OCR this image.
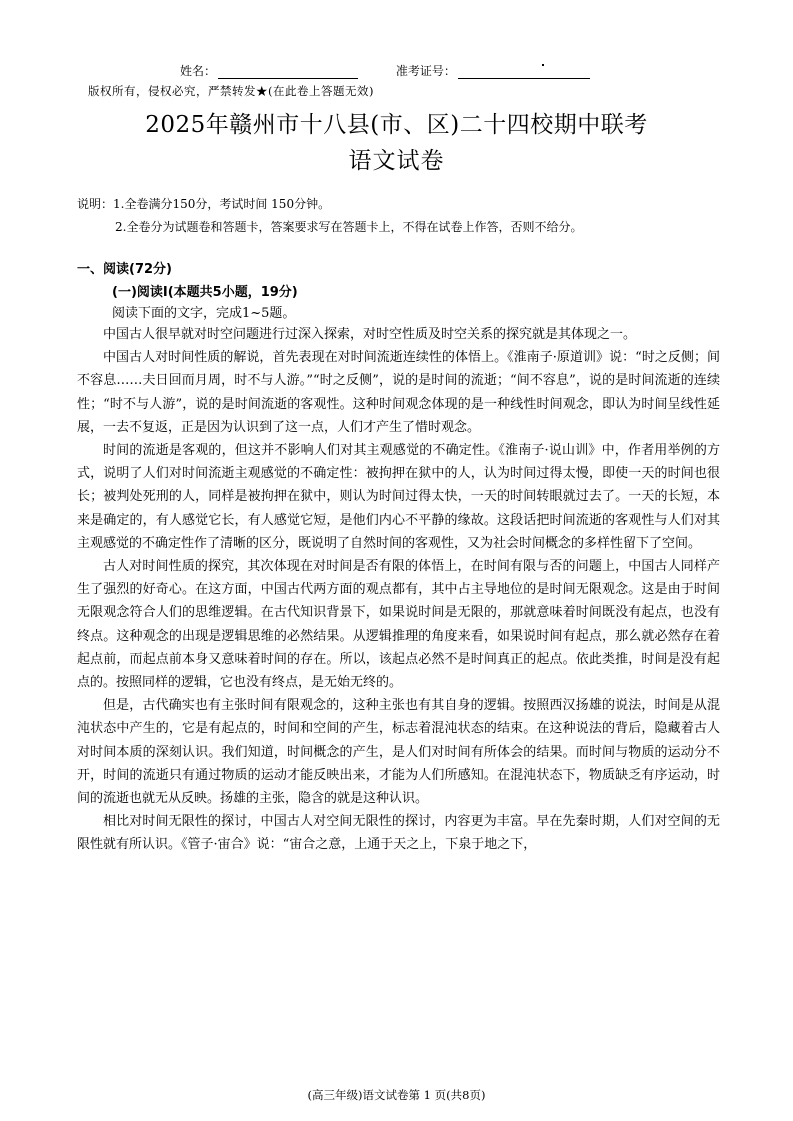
姓名：	准考证号：
版权所有，侵权必究，严禁转发★(在此卷上答题无效)
2025年赣州市十八县(市、区)二十四校期中联考
语文试卷
说明：1.全卷满分150分，考试时间 150分钟。
2.全卷分为试题卷和答题卡，答案要求写在答题卡上，不得在试卷上作答，否则不给分。
一、阅读(72分)
(一)阅读Ⅰ(本题共5小题，19分)
阅读下面的文字，完成1~5题。

中国古人很早就对时空问题进行过深入探索，对时空性质及时空关系的探究就是其体现之一。

中国古人对时间性质的解说，首先表现在对时间流逝连续性的体悟上。《淮南子·原道训》说：“时之反侧；间不容息……夫日回而月周，时不与人游。”“时之反侧”，说的是时间的流逝；“间不容息”，说的是时间流逝的连续性；“时不与人游”，说的是时间流逝的客观性。这种时间观念体现的是一种线性时间观念，即认为时间呈线性延展，一去不复返，正是因为认识到了这一点，人们才产生了惜时观念。

时间的流逝是客观的，但这并不影响人们对其主观感觉的不确定性。《淮南子·说山训》中，作者用举例的方式，说明了人们对时间流逝主观感觉的不确定性：被拘押在狱中的人，认为时间过得太慢，即使一天的时间也很长；被判处死刑的人，同样是被拘押在狱中，则认为时间过得太快，一天的时间转眼就过去了。一天的长短，本来是确定的，有人感觉它长，有人感觉它短，是他们内心不平静的缘故。这段话把时间流逝的客观性与人们对其主观感觉的不确定性作了清晰的区分，既说明了自然时间的客观性，又为社会时间概念的多样性留下了空间。

古人对时间性质的探究，其次体现在对时间是否有限的体悟上，在时间有限与否的问题上，中国古人同样产生了强烈的好奇心。在这方面，中国古代两方面的观点都有，其中占主导地位的是时间无限观念。这是由于时间无限观念符合人们的思维逻辑。在古代知识背景下，如果说时间是无限的，那就意味着时间既没有起点，也没有终点。这种观念的出现是逻辑思维的必然结果。从逻辑推理的角度来看，如果说时间有起点，那么就必然存在着起点前，而起点前本身又意味着时间的存在。所以，该起点必然不是时间真正的起点。依此类推，时间是没有起点的。按照同样的逻辑，它也没有终点，是无始无终的。

但是，古代确实也有主张时间有限观念的，这种主张也有其自身的逻辑。按照西汉扬雄的说法，时间是从混沌状态中产生的，它是有起点的，时间和空间的产生，标志着混沌状态的结束。在这种说法的背后，隐藏着古人对时间本质的深刻认识。我们知道，时间概念的产生，是人们对时间有所体会的结果。而时间与物质的运动分不开，时间的流逝只有通过物质的运动才能反映出来，才能为人们所感知。在混沌状态下，物质缺乏有序运动，时间的流逝也就无从反映。扬雄的主张，隐含的就是这种认识。

相比对时间无限性的探讨，中国古人对空间无限性的探讨，内容更为丰富。早在先秦时期，人们对空间的无限性就有所认识。《管子·宙合》说：“宙合之意，上通于天之上，下泉于地之下，

(高三年级)语文试卷第 1 页(共8页)
